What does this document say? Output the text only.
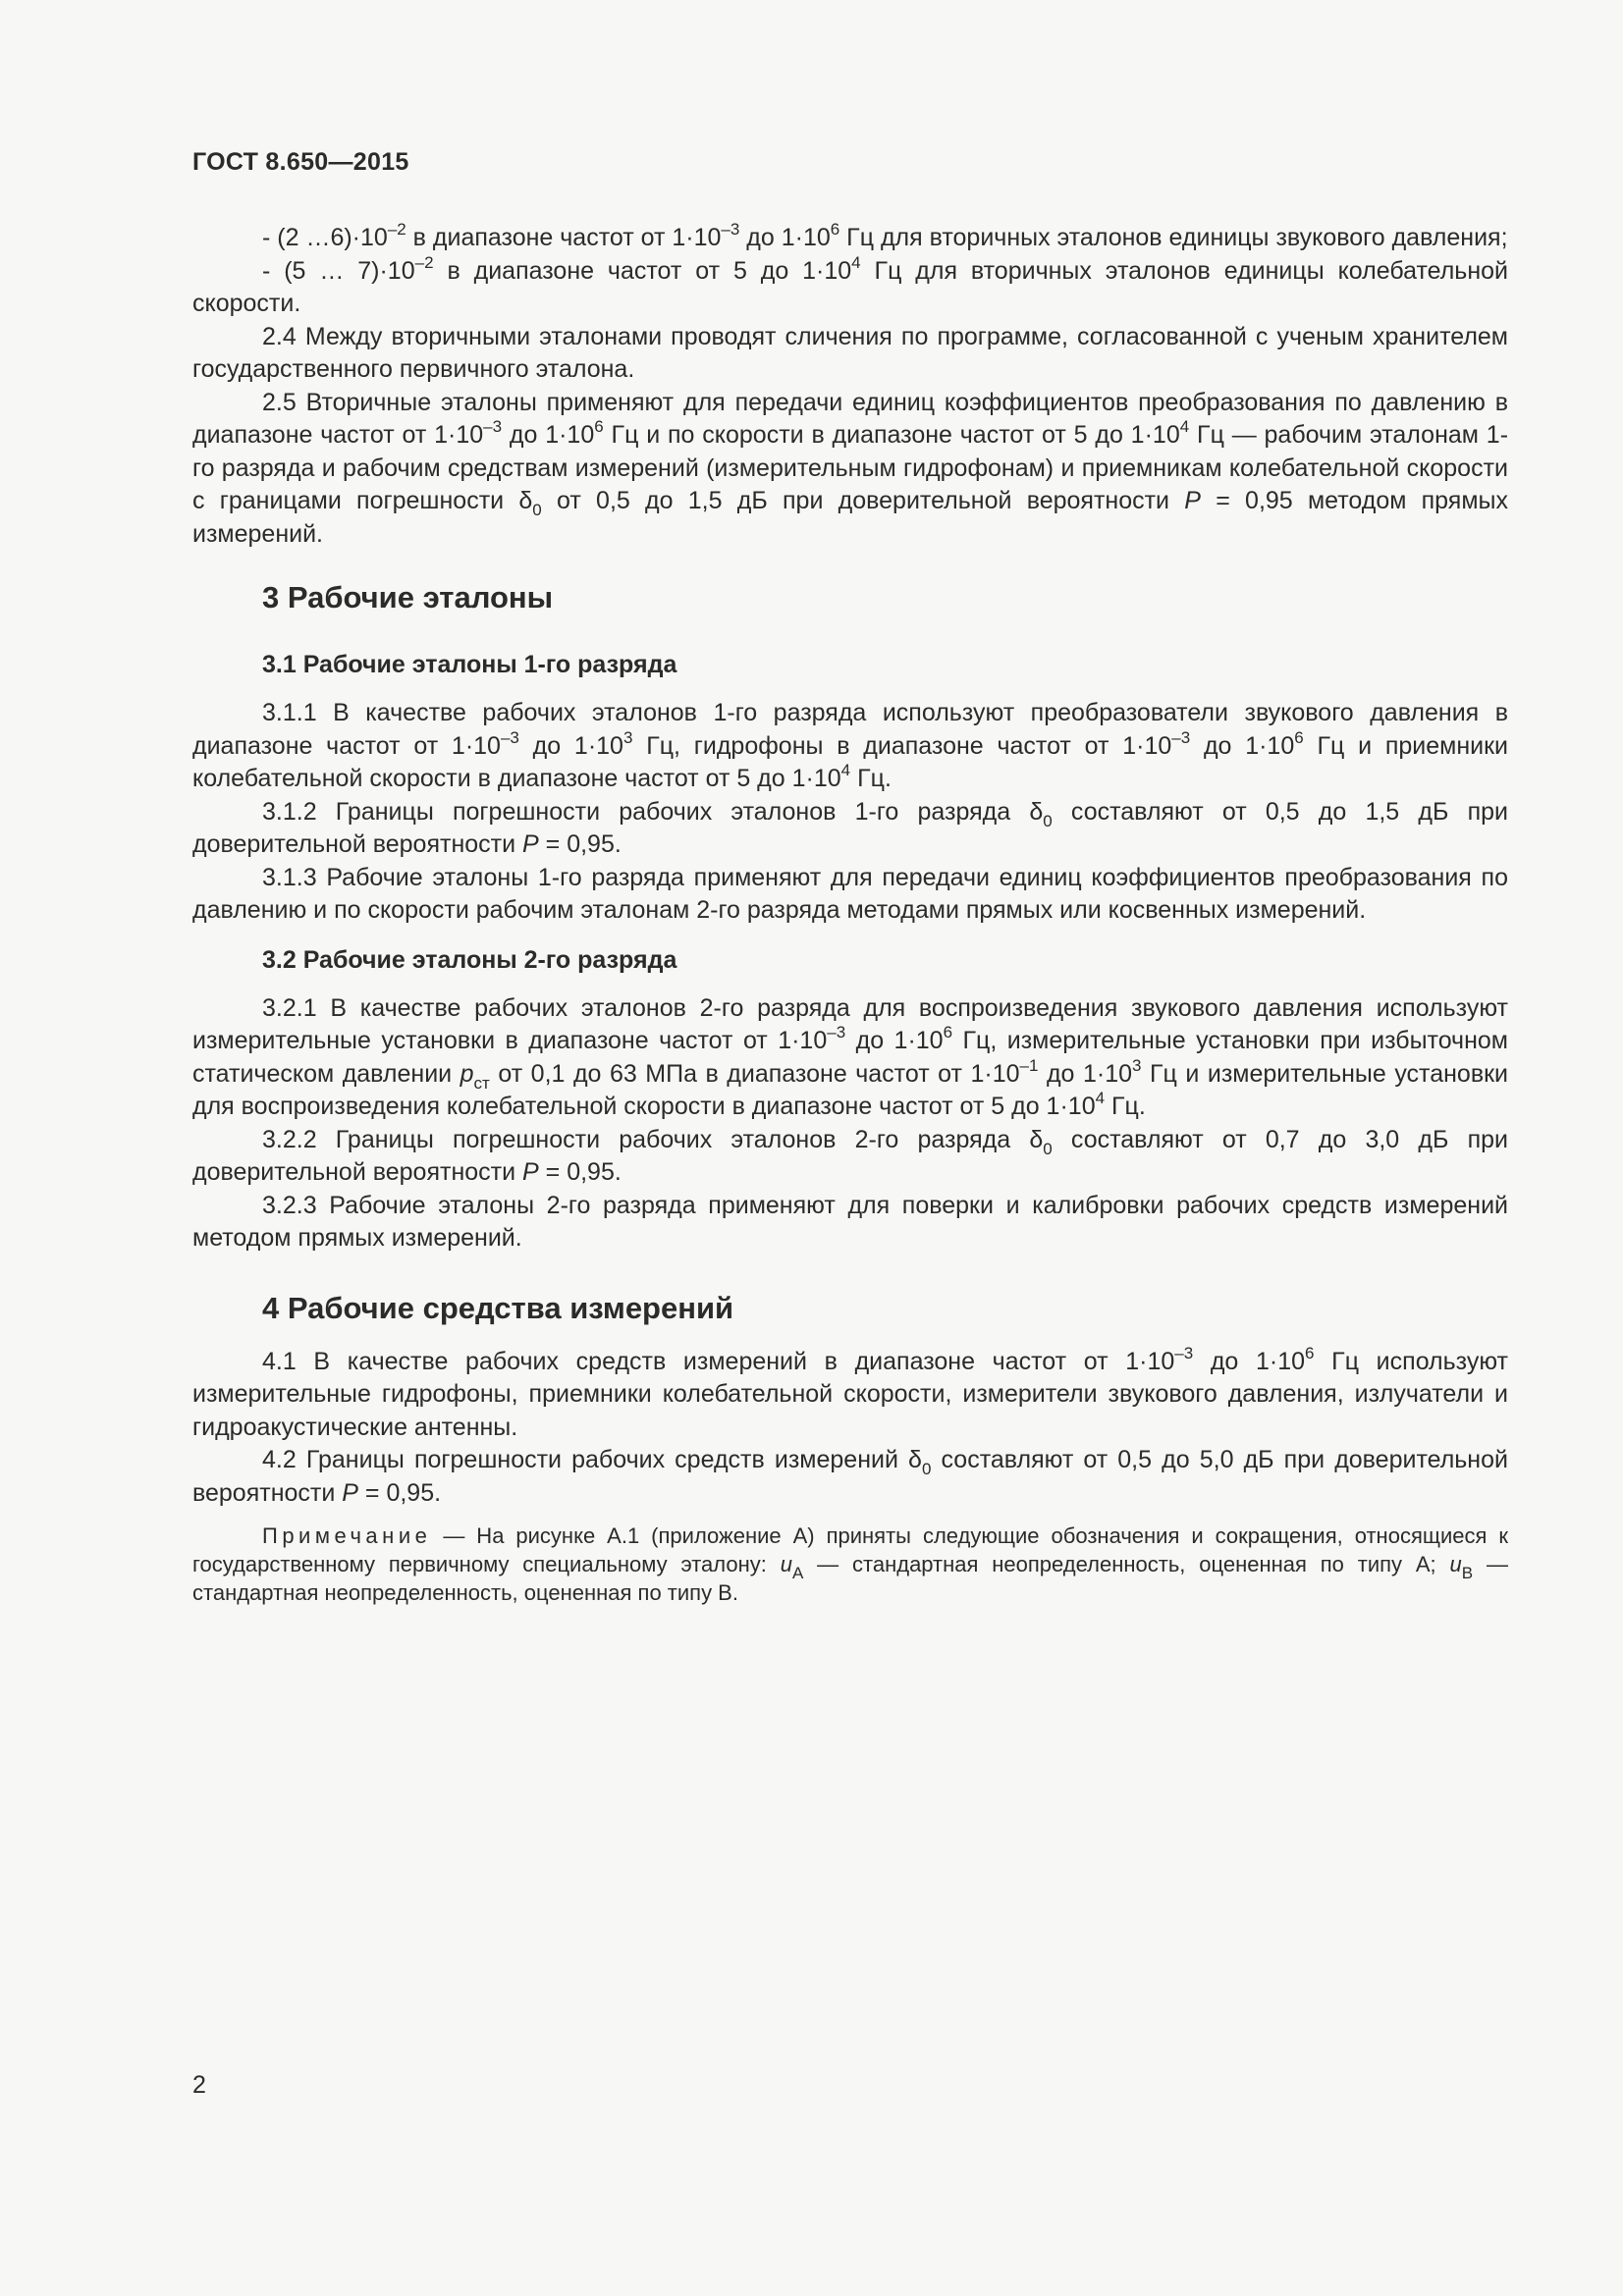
ГОСТ 8.650—2015

- (2 $\dots 6)\cdot 10^{-2}$ в диапазоне частот от $1\cdot 10^{-3}$ до $1\cdot 10^6$ Гц для вторичных эталонов единицы звукового давления;

- (5 … $7)\cdot 10^{-2}$ в диапазоне частот от 5 до $1\cdot 10^4$ Гц для вторичных эталонов единицы колебательной скорости.

2.4 Между вторичными эталонами проводят сличения по программе, согласованной с ученым хранителем государственного первичного эталона.

2.5 Вторичные эталоны применяют для передачи единиц коэффициентов преобразования по давлению в диапазоне частот от $1\cdot 10^{-3}$ до $1\cdot 10^6$ Гц и по скорости в диапазоне частот от 5 до $1\cdot 10^4$ Гц — рабочим эталонам 1-го разряда и рабочим средствам измерений (измерительным гидрофонам) и приемникам колебательной скорости с границами погрешности $\delta_0$ от 0,5 до 1,5 дБ при доверительной вероятности P = 0,95 методом прямых измерений.

3 Рабочие эталоны
3.1 Рабочие эталоны 1-го разряда

3.1.1 В качестве рабочих эталонов 1-го разряда используют преобразователи звукового давления в диапазоне частот от $1\cdot 10^{-3}$ до $1\cdot 10^3$ Гц, гидрофоны в диапазоне частот от $1\cdot 10^{-3}$ до $1\cdot 10^6$ Гц и приемники колебательной скорости в диапазоне частот от 5 до $1\cdot 10^4$ Гц.

3.1.2 Границы погрешности рабочих эталонов 1-го разряда $\delta_0$ составляют от 0,5 до 1,5 дБ при доверительной вероятности P = 0,95.

3.1.3 Рабочие эталоны 1-го разряда применяют для передачи единиц коэффициентов преобразования по давлению и по скорости рабочим эталонам 2-го разряда методами прямых или косвенных измерений.

3.2 Рабочие эталоны 2-го разряда

3.2.1 В качестве рабочих эталонов 2-го разряда для воспроизведения звукового давления используют измерительные установки в диапазоне частот от $1\cdot 10^{-3}$ до $1\cdot 10^6$ Гц, измерительные установки при избыточном статическом давлении $p_{ст}$ от 0,1 до 63 МПа в диапазоне частот от $1\cdot 10^{-1}$ до $1\cdot 10^3$ Гц и измерительные установки для воспроизведения колебательной скорости в диапазоне частот от 5 до $1\cdot 10^4$ Гц.

3.2.2 Границы погрешности рабочих эталонов 2-го разряда $\delta_0$ составляют от 0,7 до 3,0 дБ при доверительной вероятности P = 0,95.

3.2.3 Рабочие эталоны 2-го разряда применяют для поверки и калибровки рабочих средств измерений методом прямых измерений.

4 Рабочие средства измерений

4.1 В качестве рабочих средств измерений в диапазоне частот от $1\cdot 10^{-3}$ до $1\cdot 10^6$ Гц используют измерительные гидрофоны, приемники колебательной скорости, измерители звукового давления, излучатели и гидроакустические антенны.

4.2 Границы погрешности рабочих средств измерений $\delta_0$ составляют от 0,5 до 5,0 дБ при доверительной вероятности P = 0,95.

Примечание — На рисунке А.1 (приложение А) приняты следующие обозначения и сокращения, относящиеся к государственному первичному специальному эталону: $u_A$ — стандартная неопределенность, оцененная по типу А; $u_B$ — стандартная неопределенность, оцененная по типу В.

2
